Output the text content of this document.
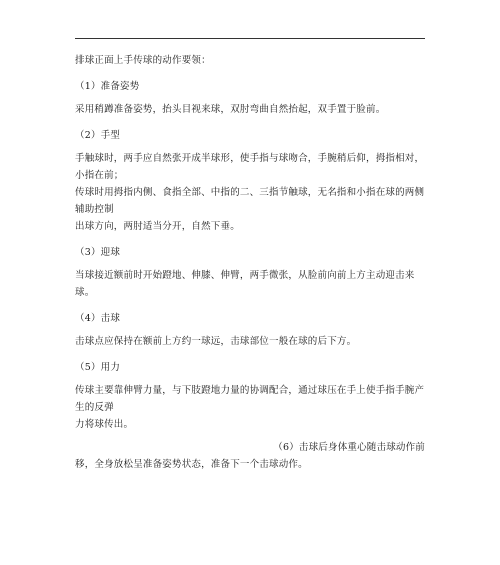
排球正面上手传球的动作要领：

（1）准备姿势

采用稍蹲准备姿势，抬头目视来球，双肘弯曲自然抬起，双手置于脸前。

（2）手型

手触球时，两手应自然张开成半球形，使手指与球吻合，手腕稍后仰，拇指相对，小指在前；

传球时用拇指内侧、食指全部、中指的二、三指节触球，无名指和小指在球的两侧辅助控制

出球方向，两肘适当分开，自然下垂。

（3）迎球

当球接近额前时开始蹬地、伸膝、伸臂，两手微张，从脸前向前上方主动迎击来球。

（4）击球

击球点应保持在额前上方约一球远，击球部位一般在球的后下方。

（5）用力

传球主要靠伸臂力量，与下肢蹬地力量的协调配合，通过球压在手上使手指手腕产生的反弹

力将球传出。

（6）击球后身体重心随击球动作前

移，全身放松呈准备姿势状态，准备下一个击球动作。
